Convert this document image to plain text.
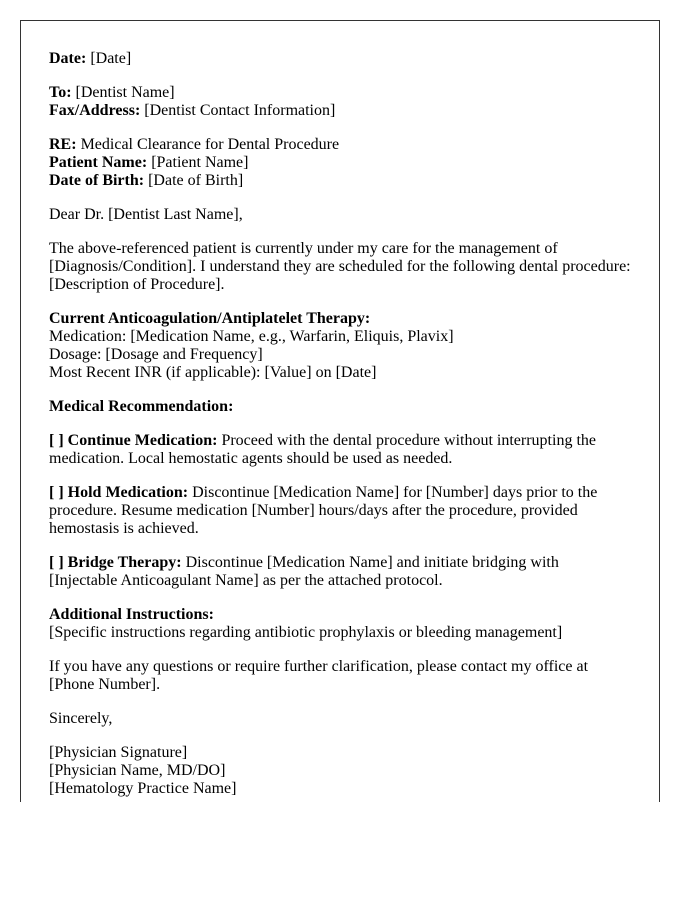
Date: [Date]

To: [Dentist Name]
Fax/Address: [Dentist Contact Information]

RE: Medical Clearance for Dental Procedure
Patient Name: [Patient Name]
Date of Birth: [Date of Birth]

Dear Dr. [Dentist Last Name],

The above-referenced patient is currently under my care for the management of [Diagnosis/Condition]. I understand they are scheduled for the following dental procedure: [Description of Procedure].

Current Anticoagulation/Antiplatelet Therapy:
Medication: [Medication Name, e.g., Warfarin, Eliquis, Plavix]
Dosage: [Dosage and Frequency]
Most Recent INR (if applicable): [Value] on [Date]

Medical Recommendation:

[ ] Continue Medication: Proceed with the dental procedure without interrupting the medication. Local hemostatic agents should be used as needed.

[ ] Hold Medication: Discontinue [Medication Name] for [Number] days prior to the procedure. Resume medication [Number] hours/days after the procedure, provided hemostasis is achieved.

[ ] Bridge Therapy: Discontinue [Medication Name] and initiate bridging with [Injectable Anticoagulant Name] as per the attached protocol.

Additional Instructions:
[Specific instructions regarding antibiotic prophylaxis or bleeding management]

If you have any questions or require further clarification, please contact my office at [Phone Number].

Sincerely,

[Physician Signature]
[Physician Name, MD/DO]
[Hematology Practice Name]
